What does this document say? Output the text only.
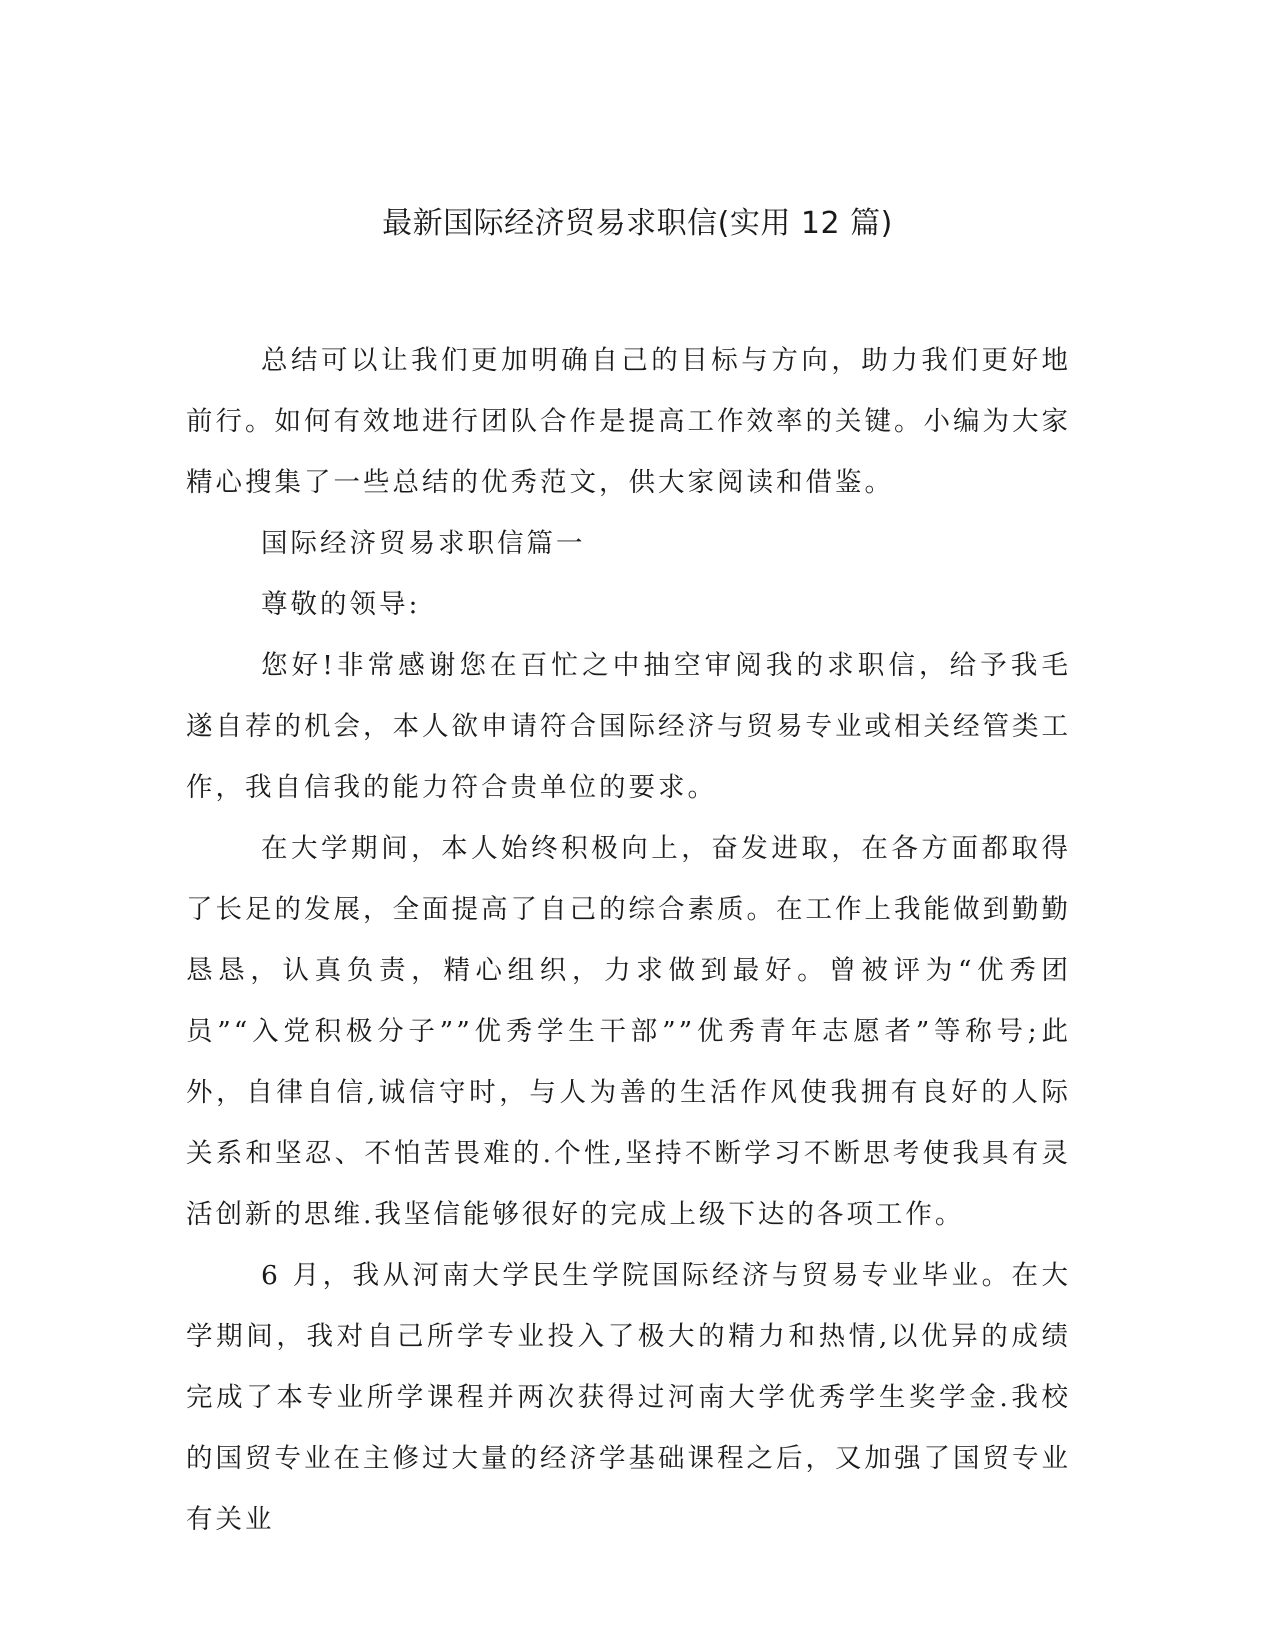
最新国际经济贸易求职信(实用 12 篇)

总结可以让我们更加明确自己的目标与方向，助力我们更好地前行。如何有效地进行团队合作是提高工作效率的关键。小编为大家精心搜集了一些总结的优秀范文，供大家阅读和借鉴。

国际经济贸易求职信篇一

尊敬的领导:

您好!非常感谢您在百忙之中抽空审阅我的求职信，给予我毛遂自荐的机会，本人欲申请符合国际经济与贸易专业或相关经管类工作，我自信我的能力符合贵单位的要求。

在大学期间，本人始终积极向上，奋发进取，在各方面都取得了长足的发展，全面提高了自己的综合素质。在工作上我能做到勤勤恳恳，认真负责，精心组织，力求做到最好。曾被评为“优秀团员”“入党积极分子””优秀学生干部””优秀青年志愿者”等称号;此外，自律自信,诚信守时，与人为善的生活作风使我拥有良好的人际关系和坚忍、不怕苦畏难的.个性,坚持不断学习不断思考使我具有灵活创新的思维.我坚信能够很好的完成上级下达的各项工作。

6 月，我从河南大学民生学院国际经济与贸易专业毕业。在大学期间，我对自己所学专业投入了极大的精力和热情,以优异的成绩完成了本专业所学课程并两次获得过河南大学优秀学生奖学金.我校的国贸专业在主修过大量的经济学基础课程之后，又加强了国贸专业有关业
